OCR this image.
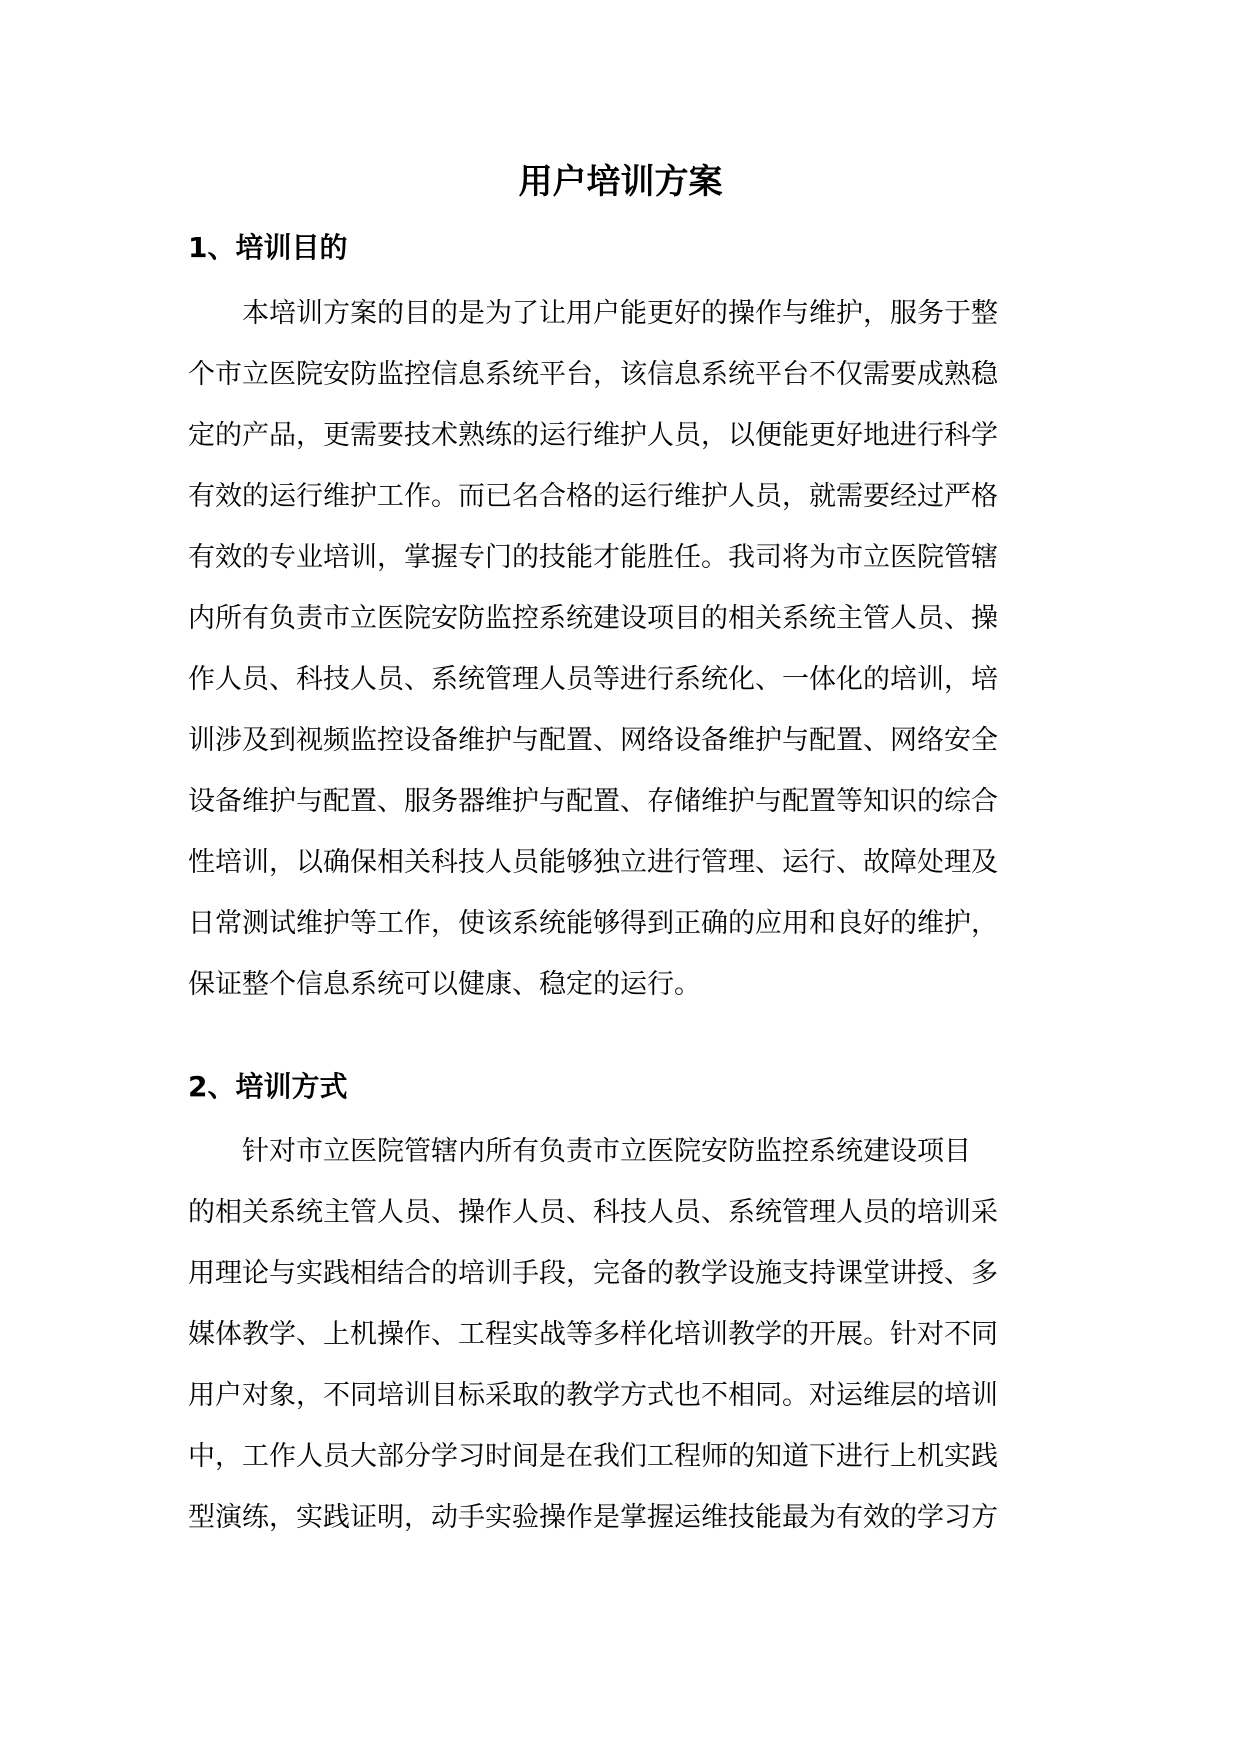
用户培训方案
1、培训目的

　　本培训方案的目的是为了让用户能更好的操作与维护，服务于整
个市立医院安防监控信息系统平台，该信息系统平台不仅需要成熟稳
定的产品，更需要技术熟练的运行维护人员，以便能更好地进行科学
有效的运行维护工作。而已名合格的运行维护人员，就需要经过严格
有效的专业培训，掌握专门的技能才能胜任。我司将为市立医院管辖
内所有负责市立医院安防监控系统建设项目的相关系统主管人员、操
作人员、科技人员、系统管理人员等进行系统化、一体化的培训，培
训涉及到视频监控设备维护与配置、网络设备维护与配置、网络安全
设备维护与配置、服务器维护与配置、存储维护与配置等知识的综合
性培训，以确保相关科技人员能够独立进行管理、运行、故障处理及
日常测试维护等工作，使该系统能够得到正确的应用和良好的维护，
保证整个信息系统可以健康、稳定的运行。

2、培训方式

　　针对市立医院管辖内所有负责市立医院安防监控系统建设项目
的相关系统主管人员、操作人员、科技人员、系统管理人员的培训采
用理论与实践相结合的培训手段，完备的教学设施支持课堂讲授、多
媒体教学、上机操作、工程实战等多样化培训教学的开展。针对不同
用户对象，不同培训目标采取的教学方式也不相同。对运维层的培训
中，工作人员大部分学习时间是在我们工程师的知道下进行上机实践
型演练，实践证明，动手实验操作是掌握运维技能最为有效的学习方
